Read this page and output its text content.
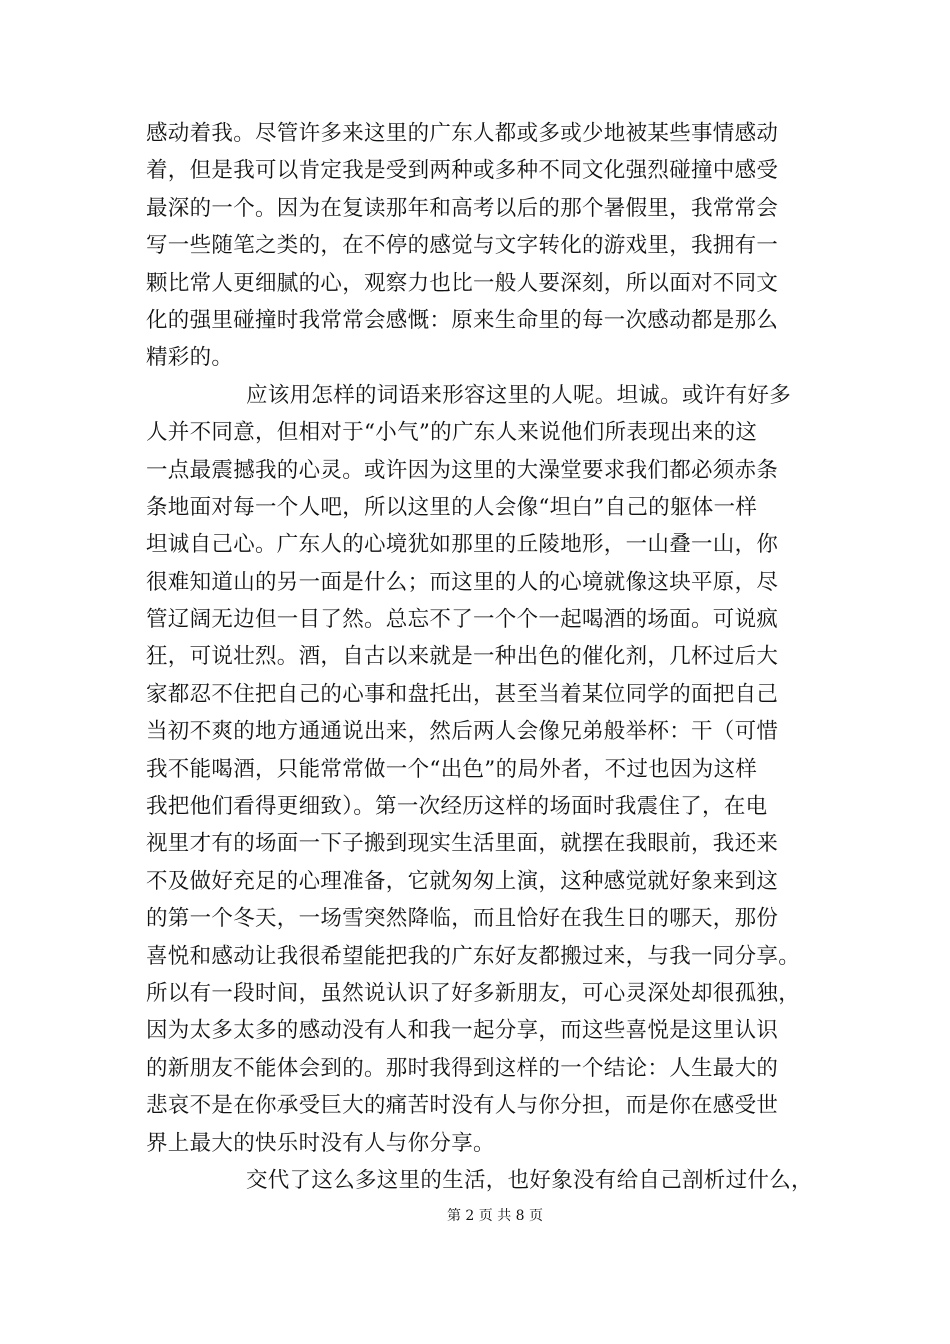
感动着我。尽管许多来这里的广东人都或多或少地被某些事情感动
着，但是我可以肯定我是受到两种或多种不同文化强烈碰撞中感受
最深的一个。因为在复读那年和高考以后的那个暑假里，我常常会
写一些随笔之类的，在不停的感觉与文字转化的游戏里，我拥有一
颗比常人更细腻的心，观察力也比一般人要深刻，所以面对不同文
化的强里碰撞时我常常会感慨：原来生命里的每一次感动都是那么
精彩的。
应该用怎样的词语来形容这里的人呢。坦诚。或许有好多
人并不同意，但相对于“小气”的广东人来说他们所表现出来的这
一点最震撼我的心灵。或许因为这里的大澡堂要求我们都必须赤条
条地面对每一个人吧，所以这里的人会像“坦白”自己的躯体一样
坦诚自己心。广东人的心境犹如那里的丘陵地形，一山叠一山，你
很难知道山的另一面是什么；而这里的人的心境就像这块平原，尽
管辽阔无边但一目了然。总忘不了一个个一起喝酒的场面。可说疯
狂，可说壮烈。酒，自古以来就是一种出色的催化剂，几杯过后大
家都忍不住把自己的心事和盘托出，甚至当着某位同学的面把自己
当初不爽的地方通通说出来，然后两人会像兄弟般举杯：干（可惜
我不能喝酒，只能常常做一个“出色”的局外者，不过也因为这样
我把他们看得更细致）。第一次经历这样的场面时我震住了，在电
视里才有的场面一下子搬到现实生活里面，就摆在我眼前，我还来
不及做好充足的心理准备，它就匆匆上演，这种感觉就好象来到这
的第一个冬天，一场雪突然降临，而且恰好在我生日的哪天，那份
喜悦和感动让我很希望能把我的广东好友都搬过来，与我一同分享。
所以有一段时间，虽然说认识了好多新朋友，可心灵深处却很孤独，
因为太多太多的感动没有人和我一起分享，而这些喜悦是这里认识
的新朋友不能体会到的。那时我得到这样的一个结论：人生最大的
悲哀不是在你承受巨大的痛苦时没有人与你分担，而是你在感受世
界上最大的快乐时没有人与你分享。
交代了这么多这里的生活，也好象没有给自己剖析过什么，
第 2 页 共 8 页
